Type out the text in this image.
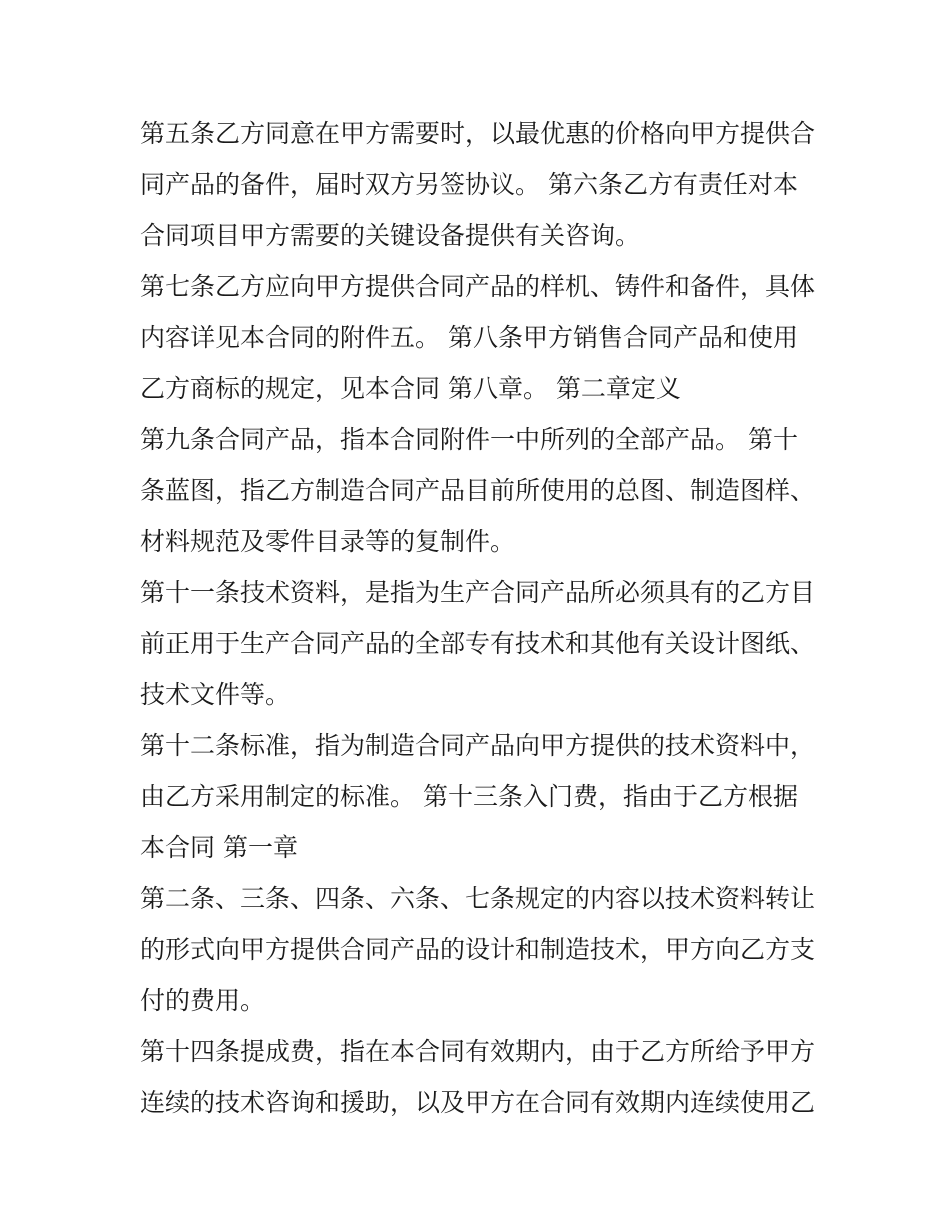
第五条乙方同意在甲方需要时，以最优惠的价格向甲方提供合
同产品的备件，届时双方另签协议。 第六条乙方有责任对本
合同项目甲方需要的关键设备提供有关咨询。
第七条乙方应向甲方提供合同产品的样机、铸件和备件，具体
内容详见本合同的附件五。 第八条甲方销售合同产品和使用
乙方商标的规定，见本合同 第八章。 第二章定义
第九条合同产品，指本合同附件一中所列的全部产品。 第十
条蓝图，指乙方制造合同产品目前所使用的总图、制造图样、
材料规范及零件目录等的复制件。
第十一条技术资料，是指为生产合同产品所必须具有的乙方目
前正用于生产合同产品的全部专有技术和其他有关设计图纸、
技术文件等。
第十二条标准，指为制造合同产品向甲方提供的技术资料中，
由乙方采用制定的标准。 第十三条入门费，指由于乙方根据
本合同 第一章
第二条、三条、四条、六条、七条规定的内容以技术资料转让
的形式向甲方提供合同产品的设计和制造技术，甲方向乙方支
付的费用。
第十四条提成费，指在本合同有效期内，由于乙方所给予甲方
连续的技术咨询和援助，以及甲方在合同有效期内连续使用乙
